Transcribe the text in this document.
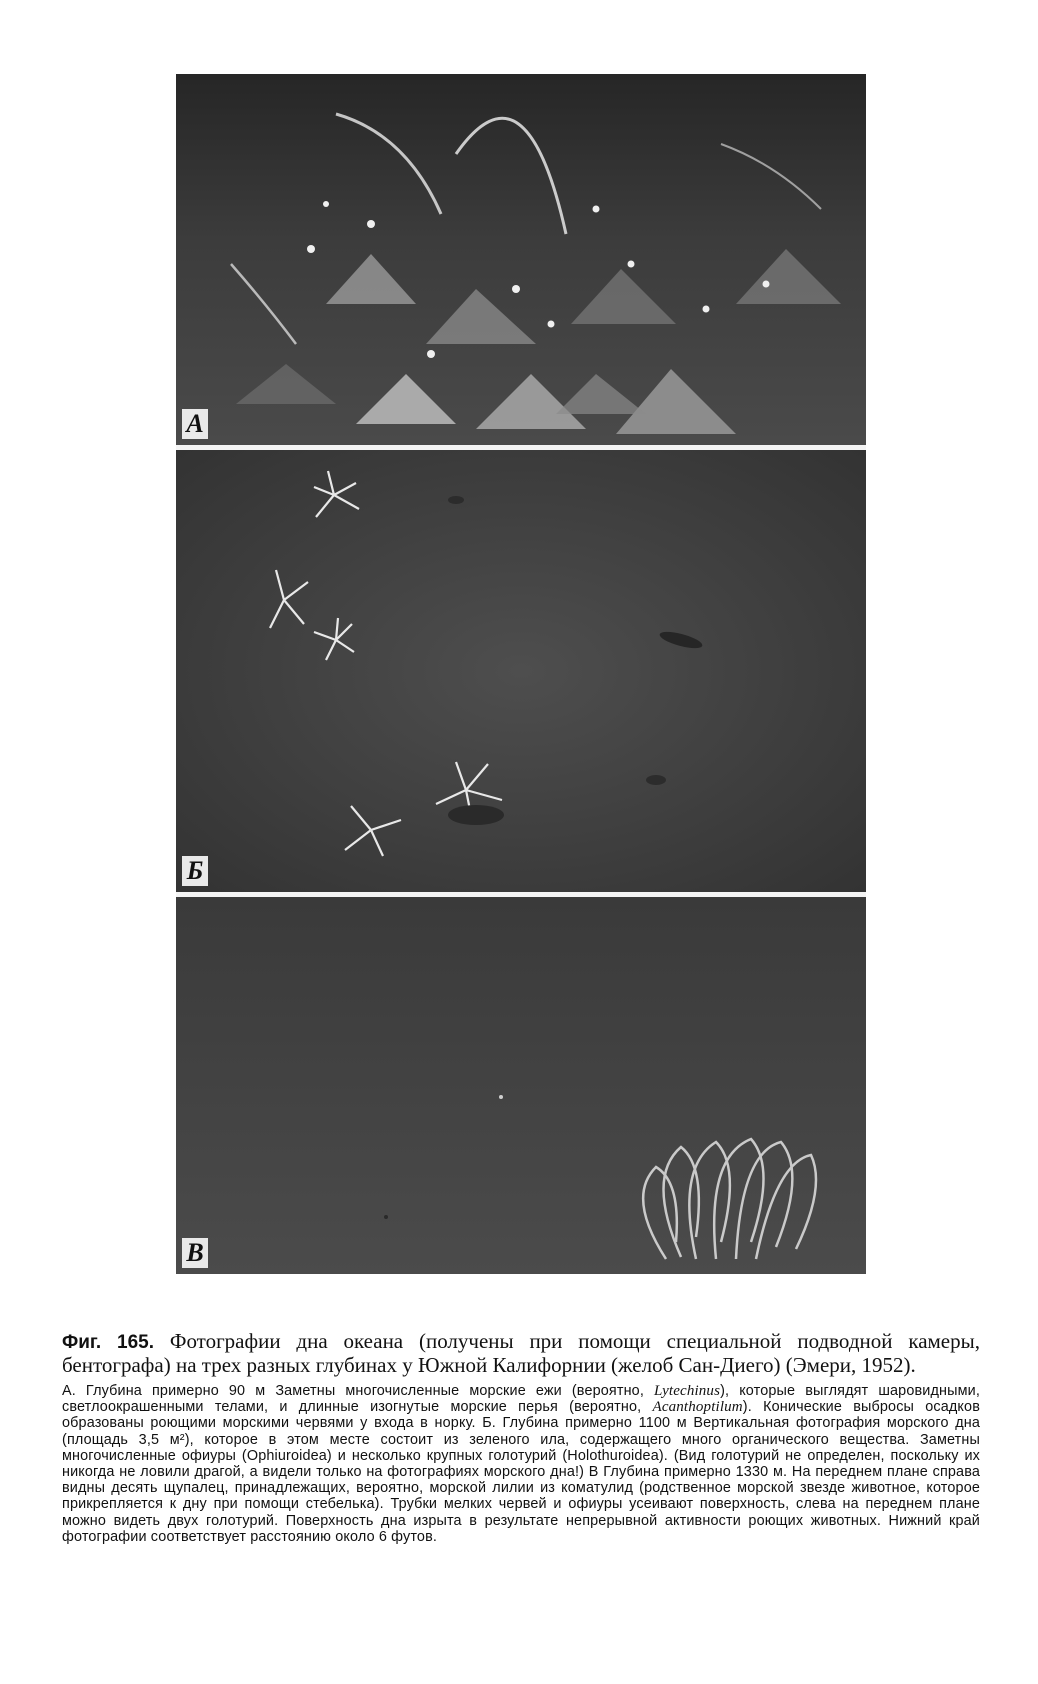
А
Б
В

Фиг. 165. Фотографии дна океана (получены при помощи специальной подводной камеры, бентографа) на трех разных глубинах у Южной Калифорнии (желоб Сан-Диего) (Эмери, 1952).

А. Глубина примерно 90 м Заметны многочисленные морские ежи (вероятно, Lytechinus), которые выглядят шаровидными, светлоокрашенными телами, и длинные изогнутые морские перья (вероятно, Acanthoptilum). Конические выбросы осадков образованы роющими морскими червями у входа в норку. Б. Глубина примерно 1100 м Вертикальная фотография морского дна (площадь 3,5 м²), которое в этом месте состоит из зеленого ила, содержащего много органического вещества. Заметны многочисленные офиуры (Ophiuroidea) и несколько крупных голотурий (Holothuroidea). (Вид голотурий не определен, поскольку их никогда не ловили драгой, а видели только на фотографиях морского дна!) В Глубина примерно 1330 м. На переднем плане справа видны десять щупалец, принадлежащих, вероятно, морской лилии из коматулид (родственное морской звезде животное, которое прикрепляется к дну при помощи стебелька). Трубки мелких червей и офиуры усеивают поверхность, слева на переднем плане можно видеть двух голотурий. Поверхность дна изрыта в результате непрерывной активности роющих животных. Нижний край фотографии соответствует расстоянию около 6 футов.
